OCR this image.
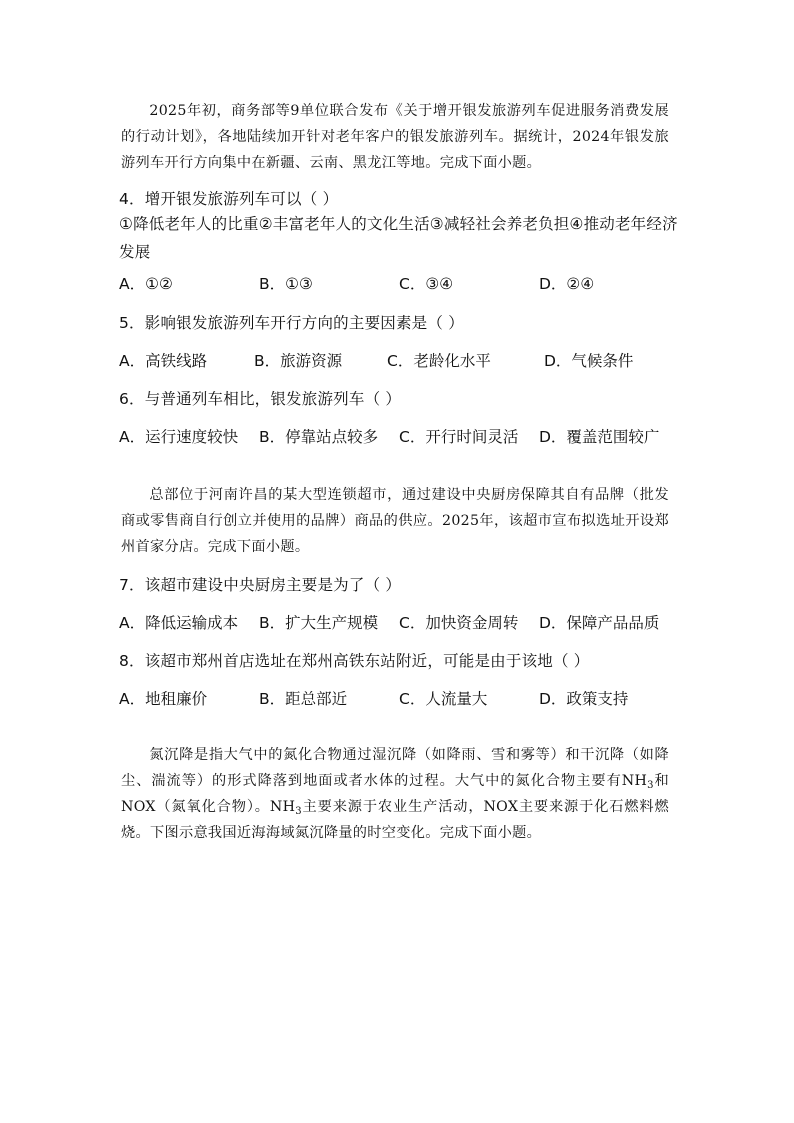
2025年初，商务部等9单位联合发布《关于增开银发旅游列车促进服务消费发展的行动计划》，各地陆续加开针对老年客户的银发旅游列车。据统计，2024年银发旅游列车开行方向集中在新疆、云南、黑龙江等地。完成下面小题。
4．增开银发旅游列车可以（ ）
①降低老年人的比重②丰富老年人的文化生活③减轻社会养老负担④推动老年经济发展
A．①②	B．①③	C．③④	D．②④
5．影响银发旅游列车开行方向的主要因素是（ ）
A．高铁线路	B．旅游资源	C．老龄化水平	D．气候条件
6．与普通列车相比，银发旅游列车（ ）
A．运行速度较快 B．停靠站点较多 C．开行时间灵活 D．覆盖范围较广
总部位于河南许昌的某大型连锁超市，通过建设中央厨房保障其自有品牌（批发商或零售商自行创立并使用的品牌）商品的供应。2025年，该超市宣布拟选址开设郑州首家分店。完成下面小题。
7．该超市建设中央厨房主要是为了（ ）
A．降低运输成本 B．扩大生产规模 C．加快资金周转 D．保障产品品质
8．该超市郑州首店选址在郑州高铁东站附近，可能是由于该地（ ）
A．地租廉价	B．距总部近	C．人流量大	D．政策支持
氮沉降是指大气中的氮化合物通过湿沉降（如降雨、雪和雾等）和干沉降（如降尘、湍流等）的形式降落到地面或者水体的过程。大气中的氮化合物主要有$NH_3$和NOX（氮氧化合物）。$NH_3$主要来源于农业生产活动，NOX主要来源于化石燃料燃烧。下图示意我国近海海域氮沉降量的时空变化。完成下面小题。
